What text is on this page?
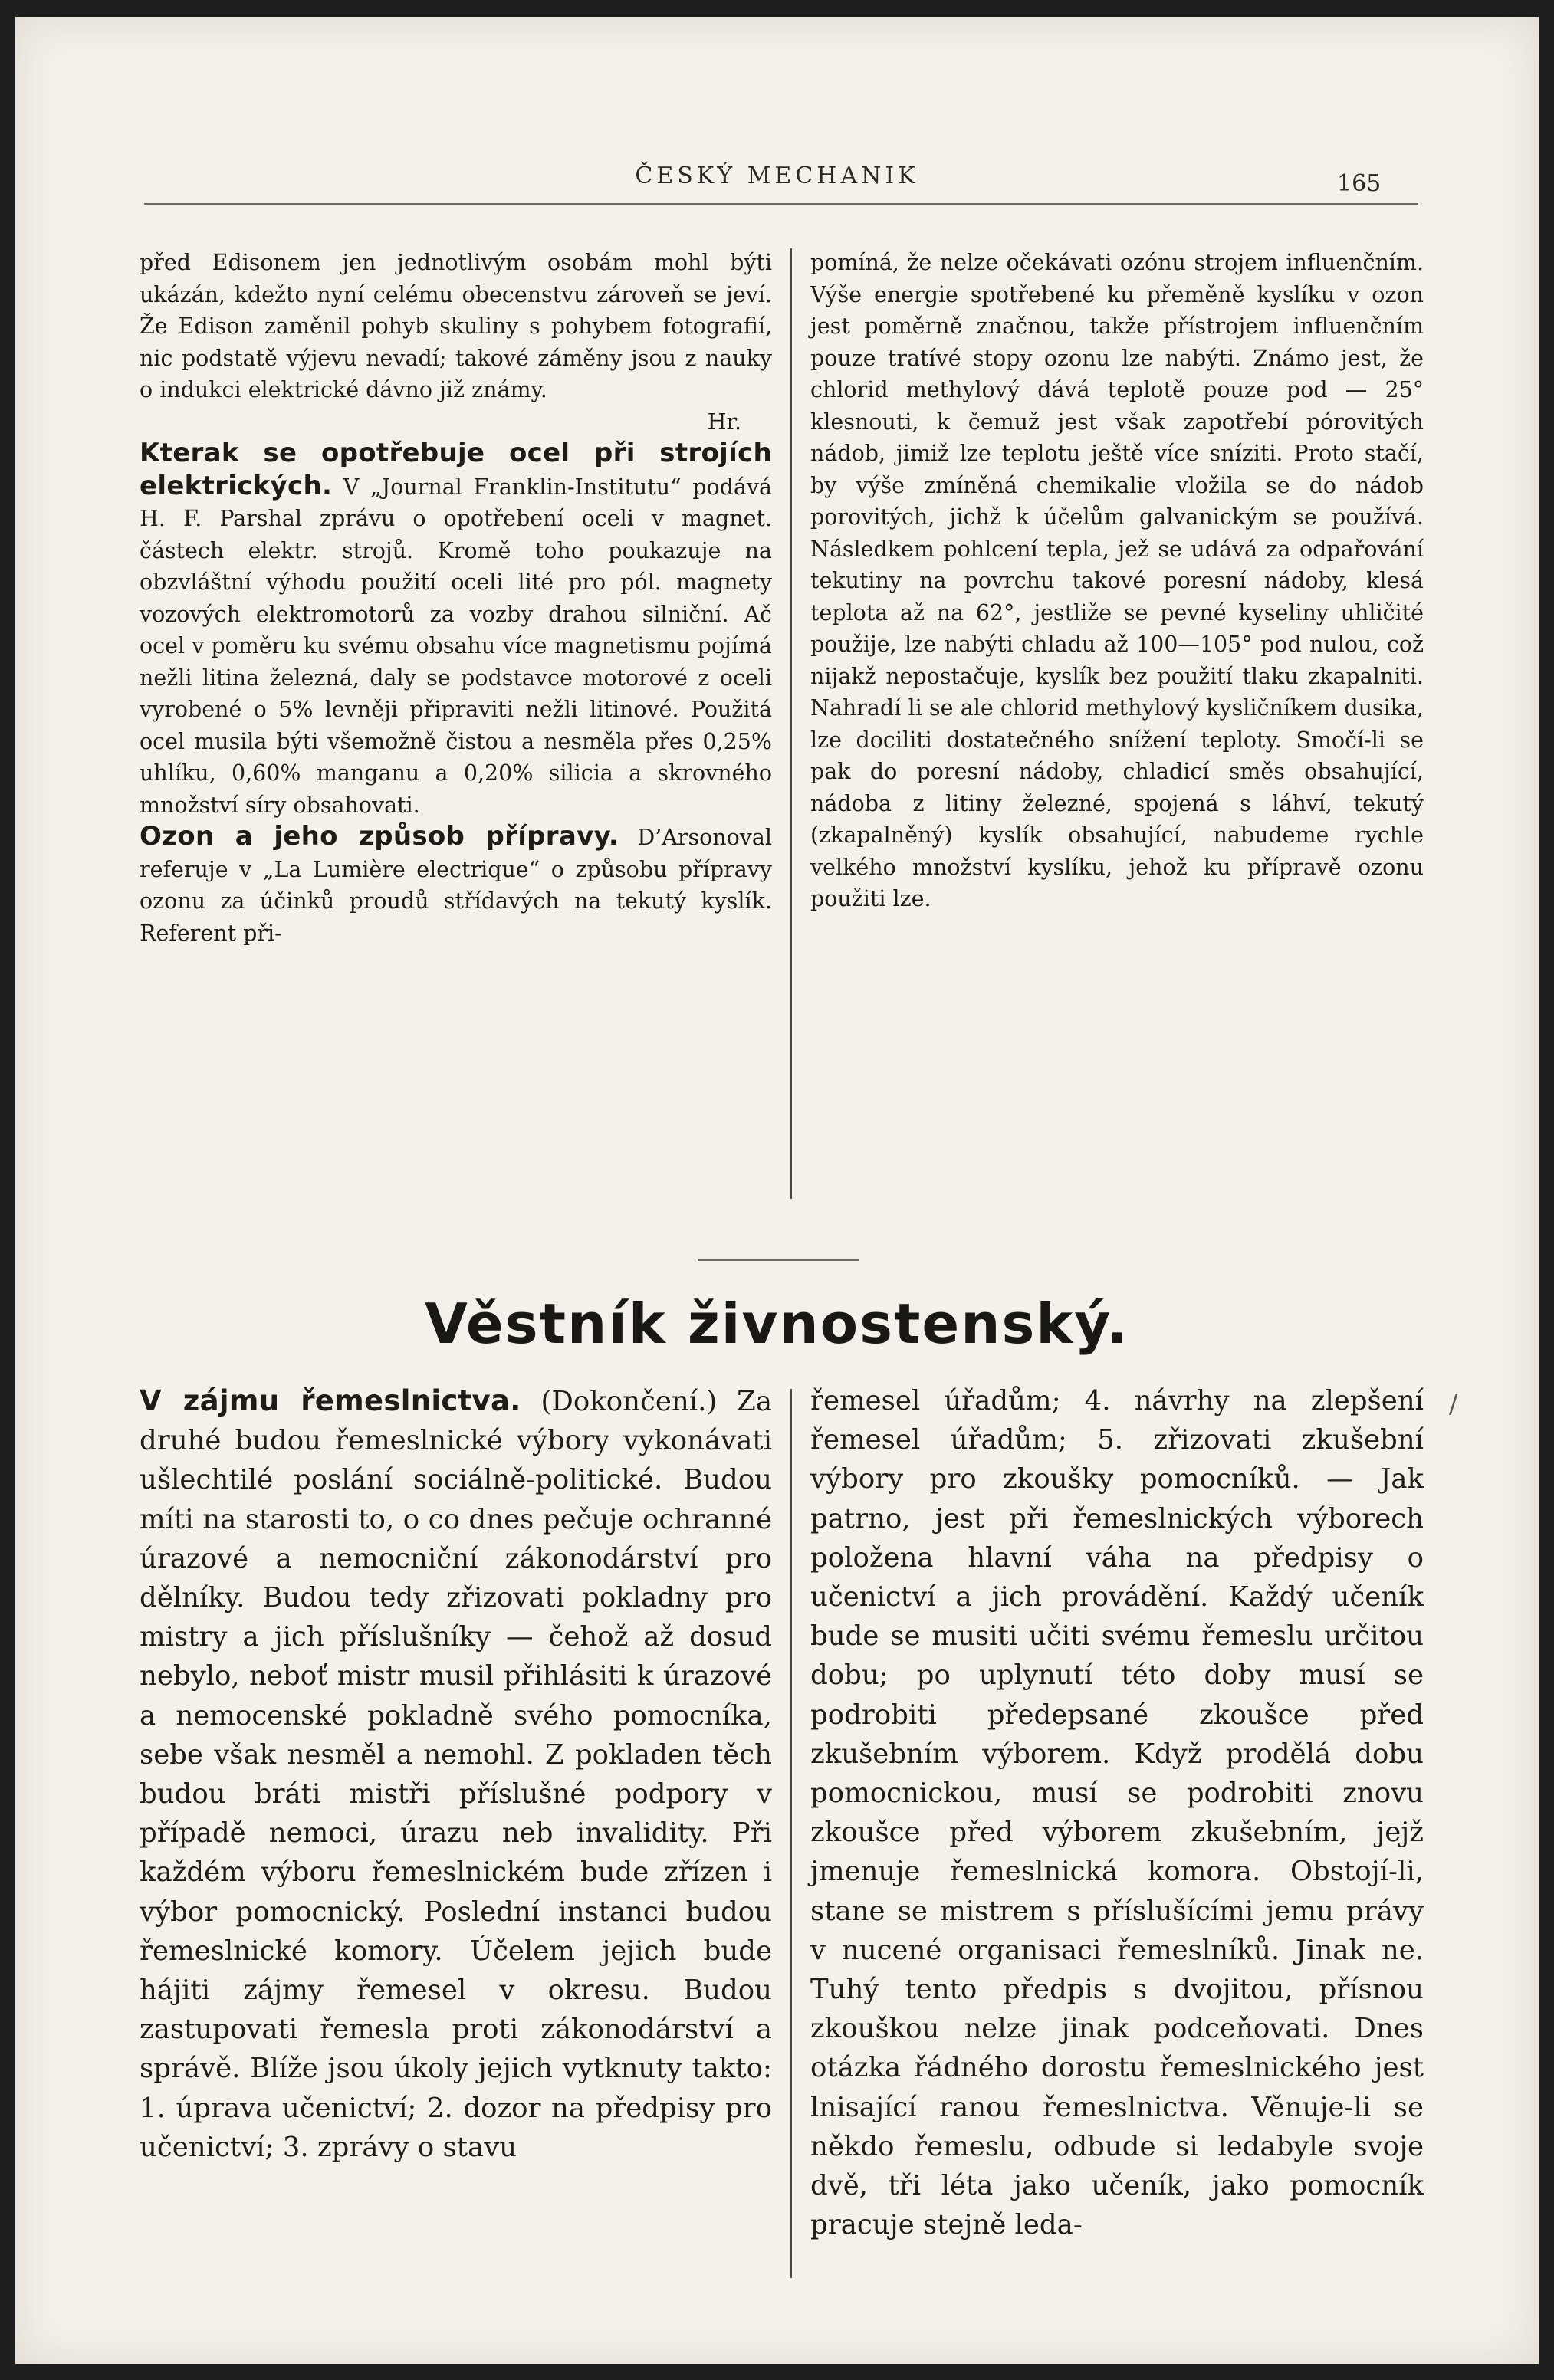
ČESKÝ MECHANIK	165

před Edisonem jen jednotlivým osobám mohl býti ukázán, kdežto nyní celému obecenstvu zároveň se jeví. Že Edison zaměnil pohyb skuliny s pohybem fotografií, nic podstatě výjevu nevadí; takové záměny jsou z nauky o indukci elektrické dávno již známy.

Hr.

Kterak se opotřebuje ocel při strojích elektrických. V „Journal Franklin-Institutu“ podává H. F. Parshal zprávu o opotřebení oceli v magnet. částech elektr. strojů. Kromě toho poukazuje na obzvláštní výhodu použití oceli lité pro pól. magnety vozových elektromotorů za vozby drahou silniční. Ač ocel v poměru ku svému obsahu více magnetismu pojímá nežli litina železná, daly se podstavce motorové z oceli vyrobené o 5% levněji připraviti nežli litinové. Použitá ocel musila býti všemožně čistou a nesměla přes 0,25% uhlíku, 0,60% manganu a 0,20% silicia a skrovného množství síry obsahovati.

Ozon a jeho způsob přípravy. D’Arsonoval referuje v „La Lumière electrique“ o způsobu přípravy ozonu za účinků proudů střídavých na tekutý kyslík. Referent při-

pomíná, že nelze očekávati ozónu strojem influenčním. Výše energie spotřebené ku přeměně kyslíku v ozon jest poměrně značnou, takže přístrojem influenčním pouze tratívé stopy ozonu lze nabýti. Známo jest, že chlorid methylový dává teplotě pouze pod — 25° klesnouti, k čemuž jest však zapotřebí pórovitých nádob, jimiž lze teplotu ještě více sníziti. Proto stačí, by výše zmíněná chemikalie vložila se do nádob porovitých, jichž k účelům galvanickým se používá. Následkem pohlcení tepla, jež se udává za odpařování tekutiny na povrchu takové poresní nádoby, klesá teplota až na 62°, jestliže se pevné kyseliny uhličité použije, lze nabýti chladu až 100—105° pod nulou, což nijakž nepostačuje, kyslík bez použití tlaku zkapalniti. Nahradí li se ale chlorid methylový kysličníkem dusika, lze dociliti dostatečného snížení teploty. Smočí-li se pak do poresní nádoby, chladicí směs obsahující, nádoba z litiny železné, spojená s láhví, tekutý (zkapalněný) kyslík obsahující, nabudeme rychle velkého množství kyslíku, jehož ku přípravě ozonu použiti lze.

Věstník živnostenský.

V zájmu řemeslnictva. (Dokončení.) Za druhé budou řemeslnické výbory vykonávati ušlechtilé poslání sociálně-politické. Budou míti na starosti to, o co dnes pečuje ochranné úrazové a nemocniční zákonodárství pro dělníky. Budou tedy zřizovati pokladny pro mistry a jich příslušníky — čehož až dosud nebylo, neboť mistr musil přihlásiti k úrazové a nemocenské pokladně svého pomocníka, sebe však nesměl a nemohl. Z pokladen těch budou bráti mistři příslušné podpory v případě nemoci, úrazu neb invalidity. Při každém výboru řemeslnickém bude zřízen i výbor pomocnický. Poslední instanci budou řemeslnické komory. Účelem jejich bude hájiti zájmy řemesel v okresu. Budou zastupovati řemesla proti zákonodárství a správě. Blíže jsou úkoly jejich vytknuty takto: 1. úprava učenictví; 2. dozor na předpisy pro učenictví; 3. zprávy o stavu

řemesel úřadům; 4. návrhy na zlepšení řemesel úřadům; 5. zřizovati zkušební výbory pro zkoušky pomocníků. — Jak patrno, jest při řemeslnických výborech položena hlavní váha na předpisy o učenictví a jich provádění. Každý učeník bude se musiti učiti svému řemeslu určitou dobu; po uplynutí této doby musí se podrobiti předepsané zkoušce před zkušebním výborem. Když prodělá dobu pomocnickou, musí se podrobiti znovu zkoušce před výborem zkušebním, jejž jmenuje řemeslnická komora. Obstojí-li, stane se mistrem s příslušícími jemu právy v nucené organisaci řemeslníků. Jinak ne. Tuhý tento předpis s dvojitou, přísnou zkouškou nelze jinak podceňovati. Dnes otázka řádného dorostu řemeslnického jest lnisající ranou řemeslnictva. Věnuje-li se někdo řemeslu, odbude si ledabyle svoje dvě, tři léta jako učeník, jako pomocník pracuje stejně leda-

/
